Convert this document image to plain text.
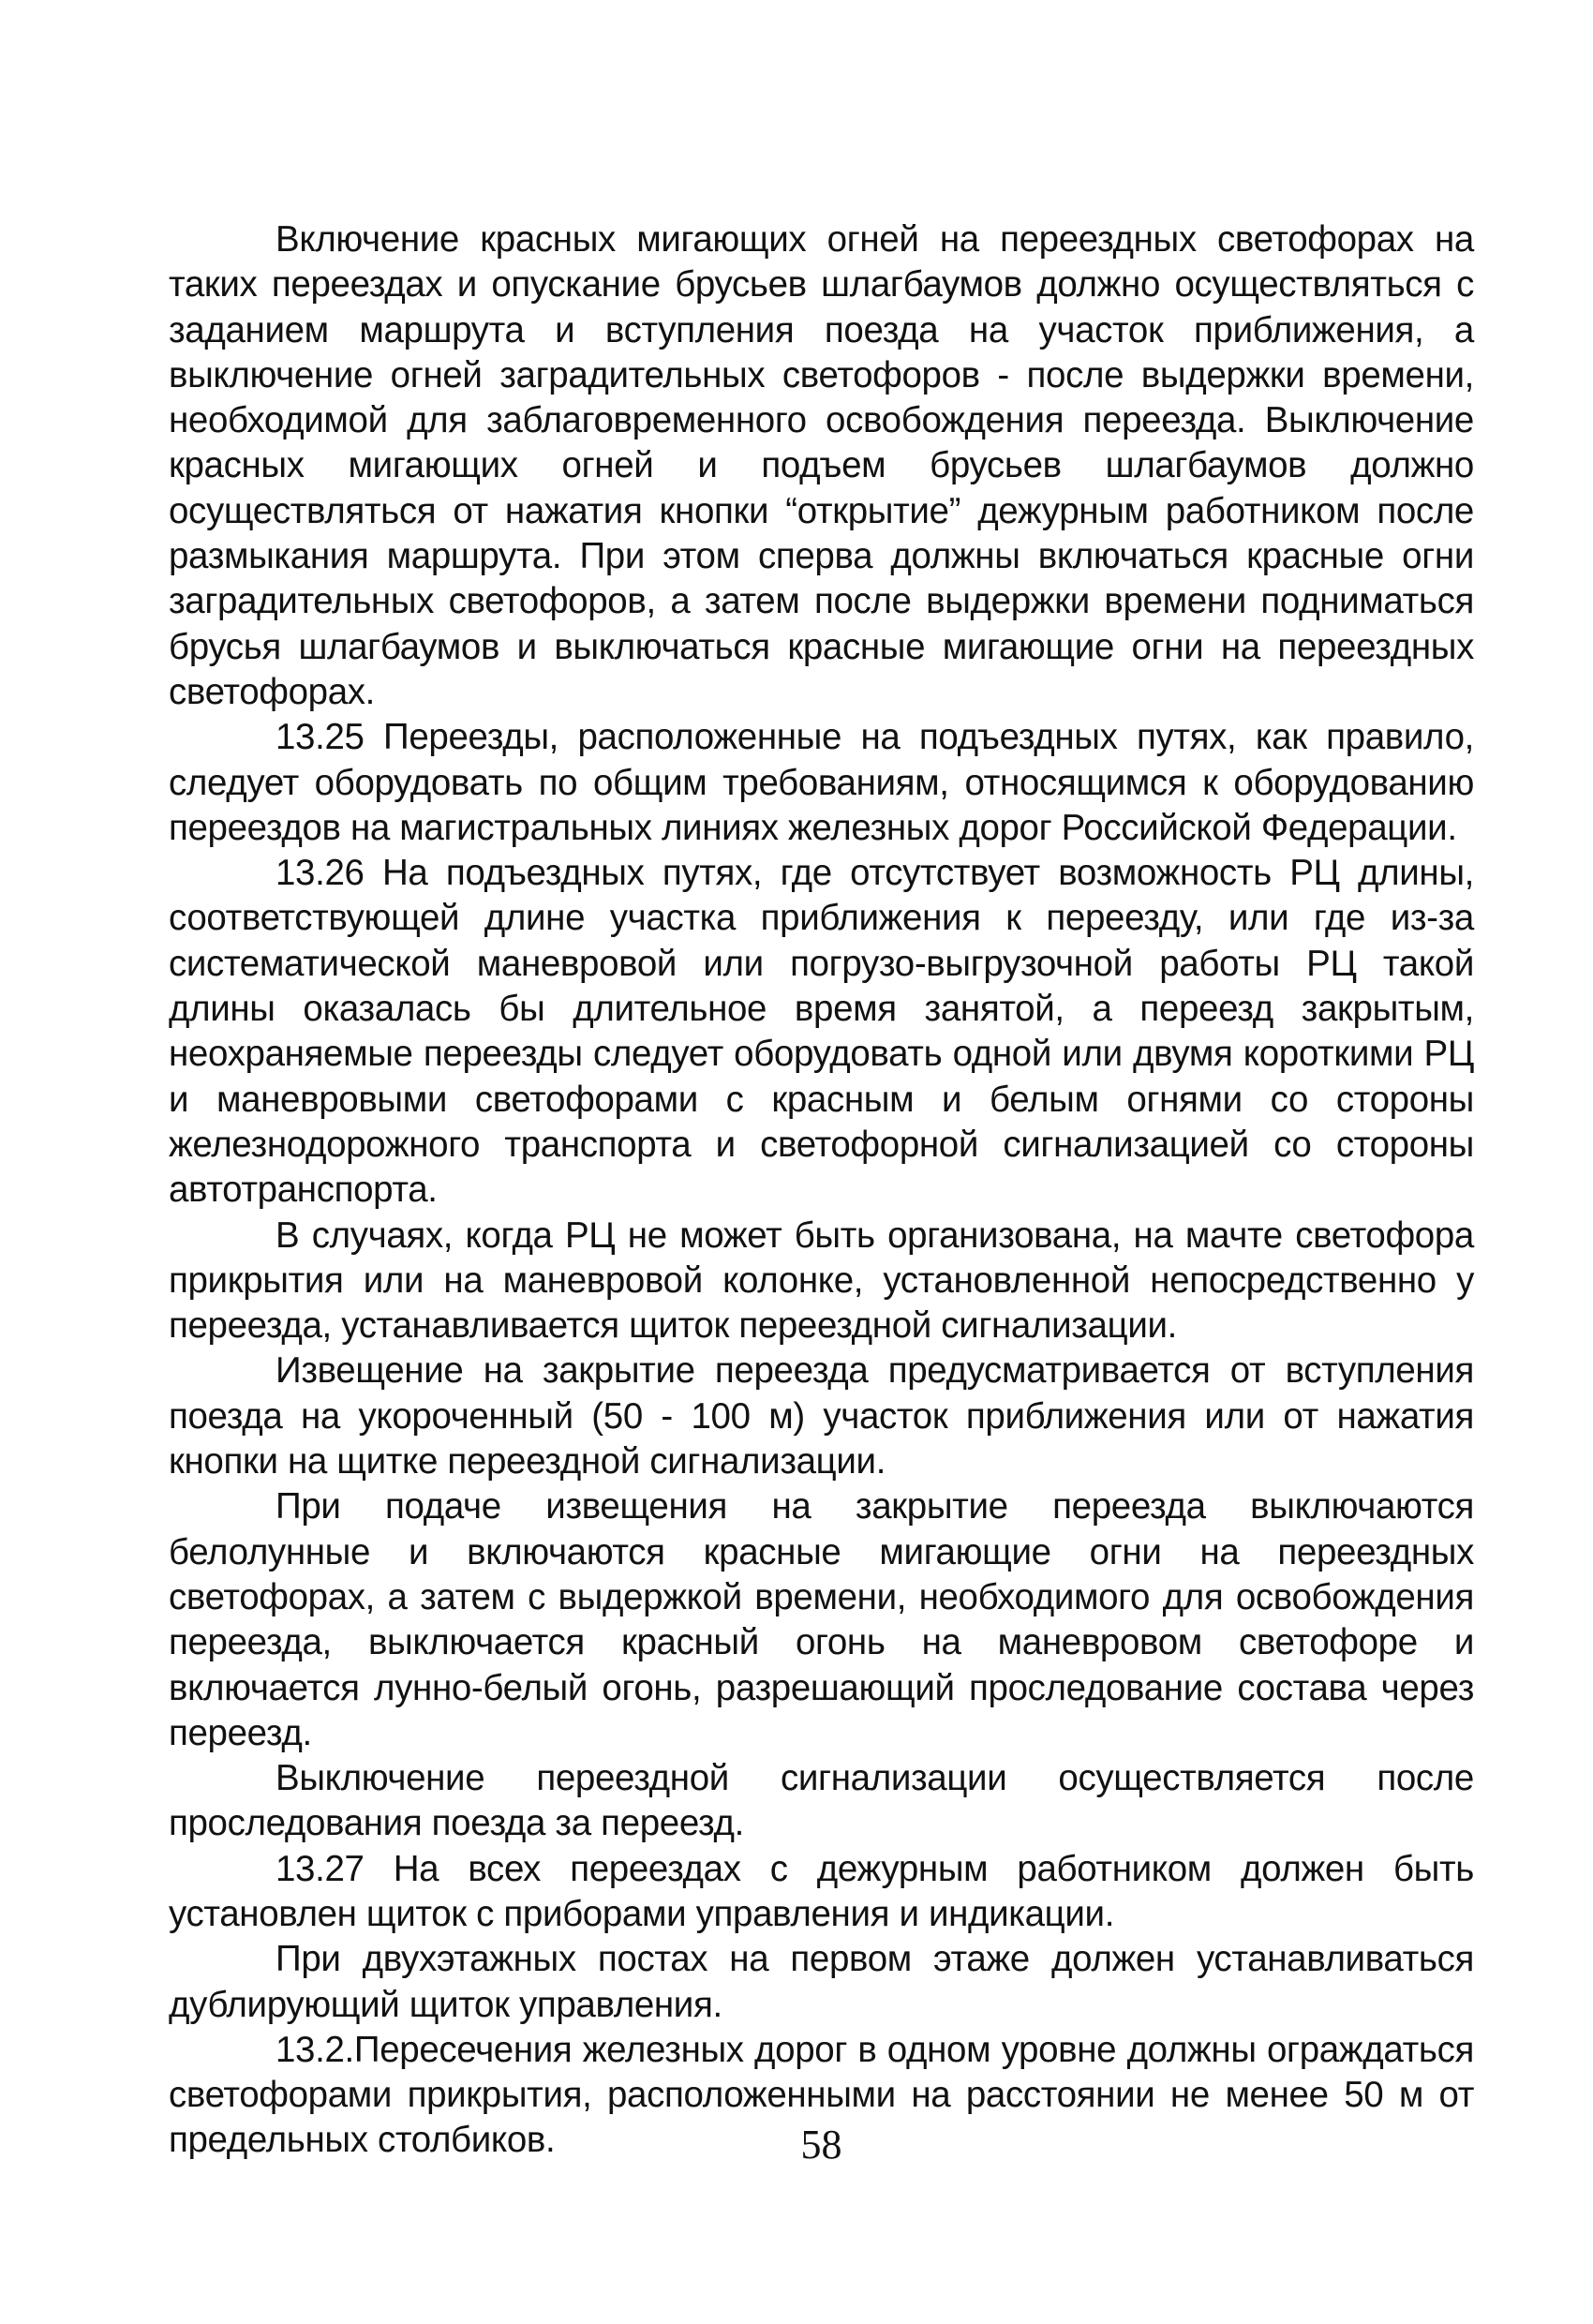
Включение красных мигающих огней на переездных светофорах на таких переездах и опускание брусьев шлагбаумов должно осуществляться с заданием маршрута и вступления поезда на участок приближения, а выключение огней заградительных светофоров - после выдержки времени, необходимой для заблаговременного освобождения переезда. Выключение красных мигающих огней и подъем брусьев шлагбаумов должно осуществляться от нажатия кнопки “открытие” дежурным работником после размыкания маршрута. При этом сперва должны включаться красные огни заградительных светофоров, а затем после выдержки времени подниматься брусья шлагбаумов и выключаться красные мигающие огни на переездных светофорах.

13.25 Переезды, расположенные на подъездных путях, как правило, следует оборудовать по общим требованиям, относящимся к оборудованию переездов на магистральных линиях железных дорог Российской Федерации.

13.26 На подъездных путях, где отсутствует возможность РЦ длины, соответствующей длине участка приближения к переезду, или где из-за систематической маневровой или погрузо-выгрузочной работы РЦ такой длины оказалась бы длительное время занятой, а переезд закрытым, неохраняемые переезды следует оборудовать одной или двумя короткими РЦ и маневровыми светофорами с красным и белым огнями со стороны железнодорожного транспорта и светофорной сигнализацией со стороны автотранспорта.

В случаях, когда РЦ не может быть организована, на мачте светофора прикрытия или на маневровой колонке, установленной непосредственно у переезда, устанавливается щиток переездной сигнализации.

Извещение на закрытие переезда предусматривается от вступления поезда на укороченный (50 - 100 м) участок приближения или от нажатия кнопки на щитке переездной сигнализации.

При подаче извещения на закрытие переезда выключаются белолунные и включаются красные мигающие огни на переездных светофорах, а затем с выдержкой времени, необходимого для освобождения переезда, выключается красный огонь на маневровом светофоре и включается лунно-белый огонь, разрешающий проследование состава через переезд.

Выключение переездной сигнализации осуществляется после проследования поезда за переезд.

13.27 На всех переездах с дежурным работником должен быть установлен щиток с приборами управления и индикации.

При двухэтажных постах на первом этаже должен устанавливаться дублирующий щиток управления.

13.2.Пересечения железных дорог в одном уровне должны ограждаться светофорами прикрытия, расположенными на расстоянии не менее 50 м от предельных столбиков.	58
